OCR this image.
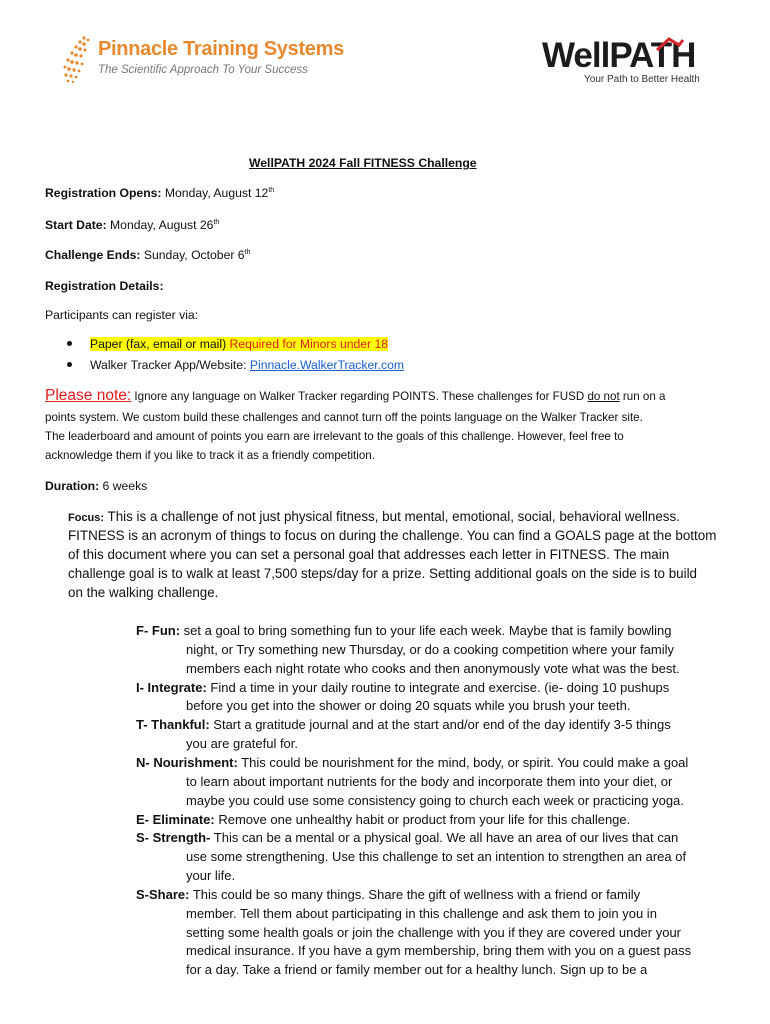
Pinnacle Training Systems
The Scientific Approach To Your Success	WellPATH
Your Path to Better Health
WellPATH 2024 Fall FITNESS Challenge
Registration Opens: Monday, August 12th
Start Date: Monday, August 26th
Challenge Ends: Sunday, October 6th
Registration Details:
Participants can register via:
Paper (fax, email or mail) Required for Minors under 18
Walker Tracker App/Website: Pinnacle.WalkerTracker.com
Please note: Ignore any language on Walker Tracker regarding POINTS. These challenges for FUSD do not run on a
points system. We custom build these challenges and cannot turn off the points language on the Walker Tracker site.
The leaderboard and amount of points you earn are irrelevant to the goals of this challenge. However, feel free to
acknowledge them if you like to track it as a friendly competition.
Duration: 6 weeks
Focus: This is a challenge of not just physical fitness, but mental, emotional, social, behavioral wellness.
FITNESS is an acronym of things to focus on during the challenge. You can find a GOALS page at the bottom
of this document where you can set a personal goal that addresses each letter in FITNESS. The main
challenge goal is to walk at least 7,500 steps/day for a prize. Setting additional goals on the side is to build
on the walking challenge.
F- Fun: set a goal to bring something fun to your life each week. Maybe that is family bowling
night, or Try something new Thursday, or do a cooking competition where your family
members each night rotate who cooks and then anonymously vote what was the best.
I- Integrate: Find a time in your daily routine to integrate and exercise. (ie- doing 10 pushups
before you get into the shower or doing 20 squats while you brush your teeth.
T- Thankful: Start a gratitude journal and at the start and/or end of the day identify 3-5 things
you are grateful for.
N- Nourishment: This could be nourishment for the mind, body, or spirit. You could make a goal
to learn about important nutrients for the body and incorporate them into your diet, or
maybe you could use some consistency going to church each week or practicing yoga.
E- Eliminate: Remove one unhealthy habit or product from your life for this challenge.
S- Strength- This can be a mental or a physical goal. We all have an area of our lives that can
use some strengthening. Use this challenge to set an intention to strengthen an area of
your life.
S-Share: This could be so many things. Share the gift of wellness with a friend or family
member. Tell them about participating in this challenge and ask them to join you in
setting some health goals or join the challenge with you if they are covered under your
medical insurance. If you have a gym membership, bring them with you on a guest pass
for a day. Take a friend or family member out for a healthy lunch. Sign up to be a
